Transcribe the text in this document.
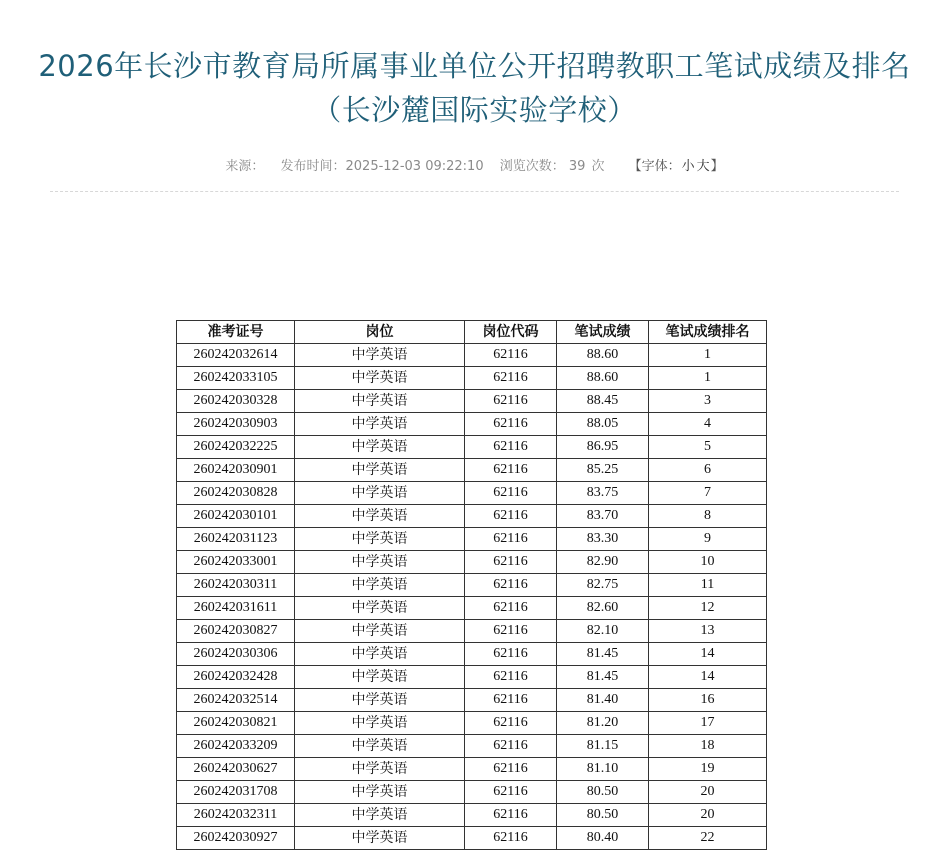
2026年长沙市教育局所属事业单位公开招聘教职工笔试成绩及排名
（长沙麓国际实验学校）
来源： 发布时间：2025-12-03 09:22:10 浏览次数： 39 次 【字体：小 大】
准考证号	岗位	岗位代码	笔试成绩	笔试成绩排名
260242032614	中学英语	62116	88.60	1
260242033105	中学英语	62116	88.60	1
260242030328	中学英语	62116	88.45	3
260242030903	中学英语	62116	88.05	4
260242032225	中学英语	62116	86.95	5
260242030901	中学英语	62116	85.25	6
260242030828	中学英语	62116	83.75	7
260242030101	中学英语	62116	83.70	8
260242031123	中学英语	62116	83.30	9
260242033001	中学英语	62116	82.90	10
260242030311	中学英语	62116	82.75	11
260242031611	中学英语	62116	82.60	12
260242030827	中学英语	62116	82.10	13
260242030306	中学英语	62116	81.45	14
260242032428	中学英语	62116	81.45	14
260242032514	中学英语	62116	81.40	16
260242030821	中学英语	62116	81.20	17
260242033209	中学英语	62116	81.15	18
260242030627	中学英语	62116	81.10	19
260242031708	中学英语	62116	80.50	20
260242032311	中学英语	62116	80.50	20
260242030927	中学英语	62116	80.40	22
